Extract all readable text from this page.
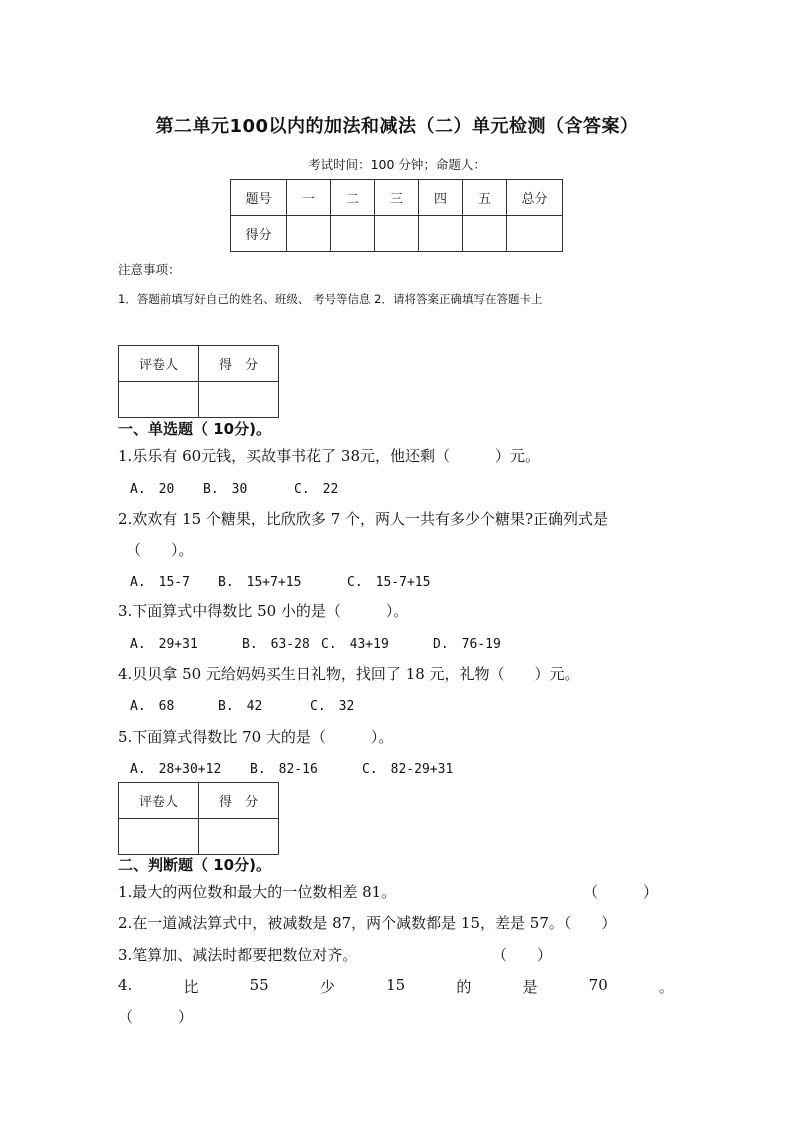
第二单元100以内的加法和减法（二）单元检测（含答案）
考试时间：100 分钟；命题人：
题号	一	二	三	四	五	总分
得分						
注意事项：
1．答题前填写好自己的姓名、班级、 考号等信息 2．请将答案正确填写在答题卡上
评卷人	得　分

一、单选题（ 10分)。
1.乐乐有 60元钱，买故事书花了 38元，他还剩（　　　）元。
A.　20 B.　30	C.　22
2.欢欢有 15 个糖果，比欣欣多 7 个，两人一共有多少个糖果?正确列式是
（　　）。
A.　15-7 B.　15+7+15	C.　15-7+15
3.下面算式中得数比 50 小的是（　　　）。
A.　29+31	B.　63-28 C.　43+19	D.　76-19
4.贝贝拿 50 元给妈妈买生日礼物，找回了 18 元，礼物（　　）元。
A.　68	B.　42	C.　32
5.下面算式得数比 70 大的是（　　　）。
A.　28+30+12 B.　82-16	C.　82-29+31
评卷人	得　分

二、判断题（ 10分)。
1.最大的两位数和最大的一位数相差 81。	（　　　）
2.在一道减法算式中，被减数是 87，两个减数都是 15，差是 57。（　　）
3.笔算加、减法时都要把数位对齐。	（　　）
4.	比	55	少	15	的	是	70	。
（　　　）
